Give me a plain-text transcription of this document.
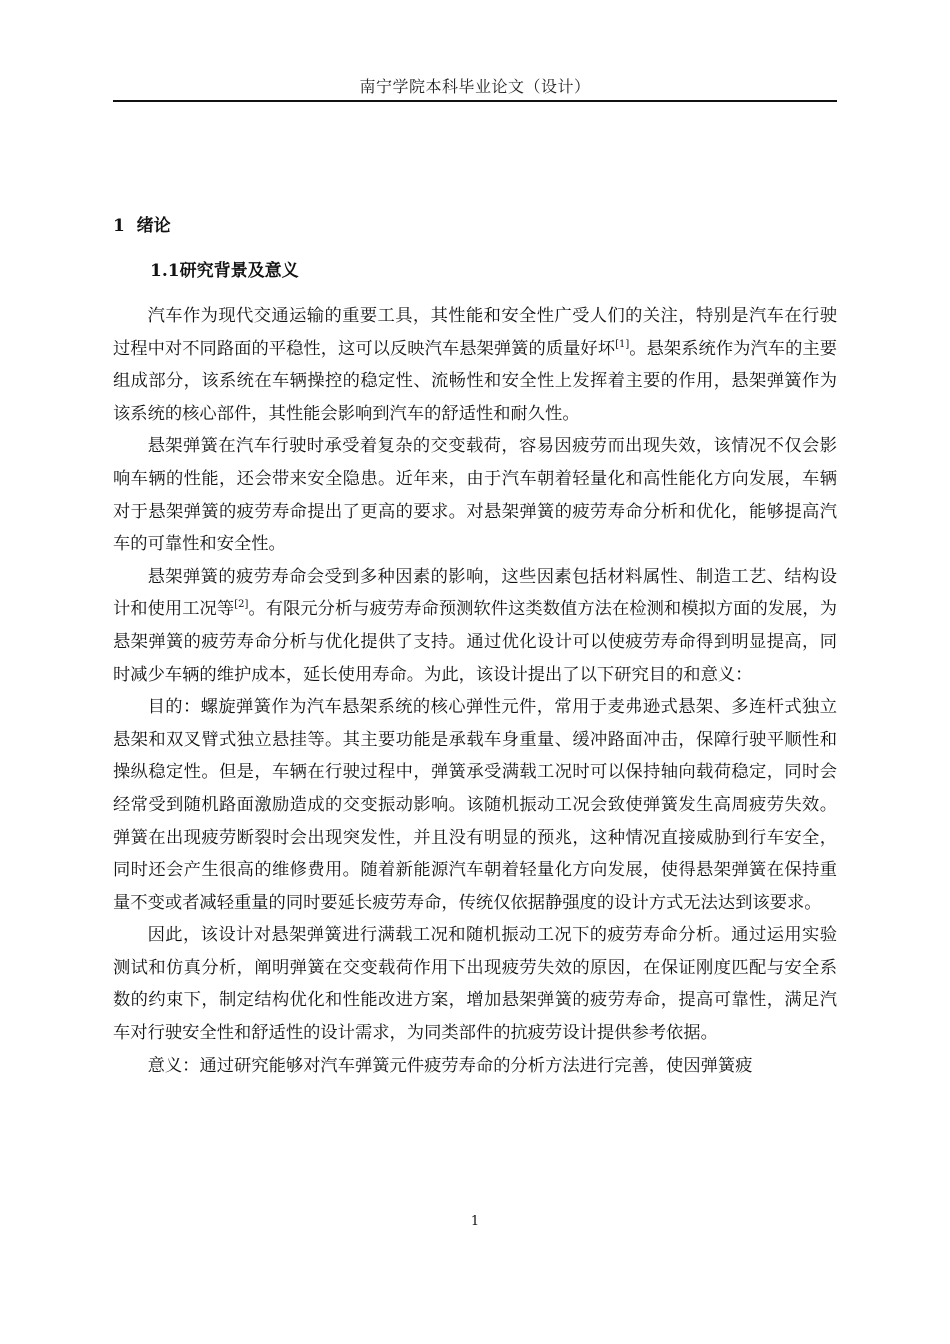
南宁学院本科毕业论文（设计）
1  绪论
1.1研究背景及意义

汽车作为现代交通运输的重要工具，其性能和安全性广受人们的关注，特别是汽车在行驶过程中对不同路面的平稳性，这可以反映汽车悬架弹簧的质量好坏[1]。悬架系统作为汽车的主要组成部分，该系统在车辆操控的稳定性、流畅性和安全性上发挥着主要的作用，悬架弹簧作为该系统的核心部件，其性能会影响到汽车的舒适性和耐久性。

悬架弹簧在汽车行驶时承受着复杂的交变载荷，容易因疲劳而出现失效，该情况不仅会影响车辆的性能，还会带来安全隐患。近年来，由于汽车朝着轻量化和高性能化方向发展，车辆对于悬架弹簧的疲劳寿命提出了更高的要求。对悬架弹簧的疲劳寿命分析和优化，能够提高汽车的可靠性和安全性。

悬架弹簧的疲劳寿命会受到多种因素的影响，这些因素包括材料属性、制造工艺、结构设计和使用工况等[2]。有限元分析与疲劳寿命预测软件这类数值方法在检测和模拟方面的发展，为悬架弹簧的疲劳寿命分析与优化提供了支持。通过优化设计可以使疲劳寿命得到明显提高，同时减少车辆的维护成本，延长使用寿命。为此，该设计提出了以下研究目的和意义：

目的：螺旋弹簧作为汽车悬架系统的核心弹性元件，常用于麦弗逊式悬架、多连杆式独立悬架和双叉臂式独立悬挂等。其主要功能是承载车身重量、缓冲路面冲击，保障行驶平顺性和操纵稳定性。但是，车辆在行驶过程中，弹簧承受满载工况时可以保持轴向载荷稳定，同时会经常受到随机路面激励造成的交变振动影响。该随机振动工况会致使弹簧发生高周疲劳失效。弹簧在出现疲劳断裂时会出现突发性，并且没有明显的预兆，这种情况直接威胁到行车安全，同时还会产生很高的维修费用。随着新能源汽车朝着轻量化方向发展，使得悬架弹簧在保持重量不变或者减轻重量的同时要延长疲劳寿命，传统仅依据静强度的设计方式无法达到该要求。

因此，该设计对悬架弹簧进行满载工况和随机振动工况下的疲劳寿命分析。通过运用实验测试和仿真分析，阐明弹簧在交变载荷作用下出现疲劳失效的原因，在保证刚度匹配与安全系数的约束下，制定结构优化和性能改进方案，增加悬架弹簧的疲劳寿命，提高可靠性，满足汽车对行驶安全性和舒适性的设计需求，为同类部件的抗疲劳设计提供参考依据。

意义：通过研究能够对汽车弹簧元件疲劳寿命的分析方法进行完善，使因弹簧疲

1
